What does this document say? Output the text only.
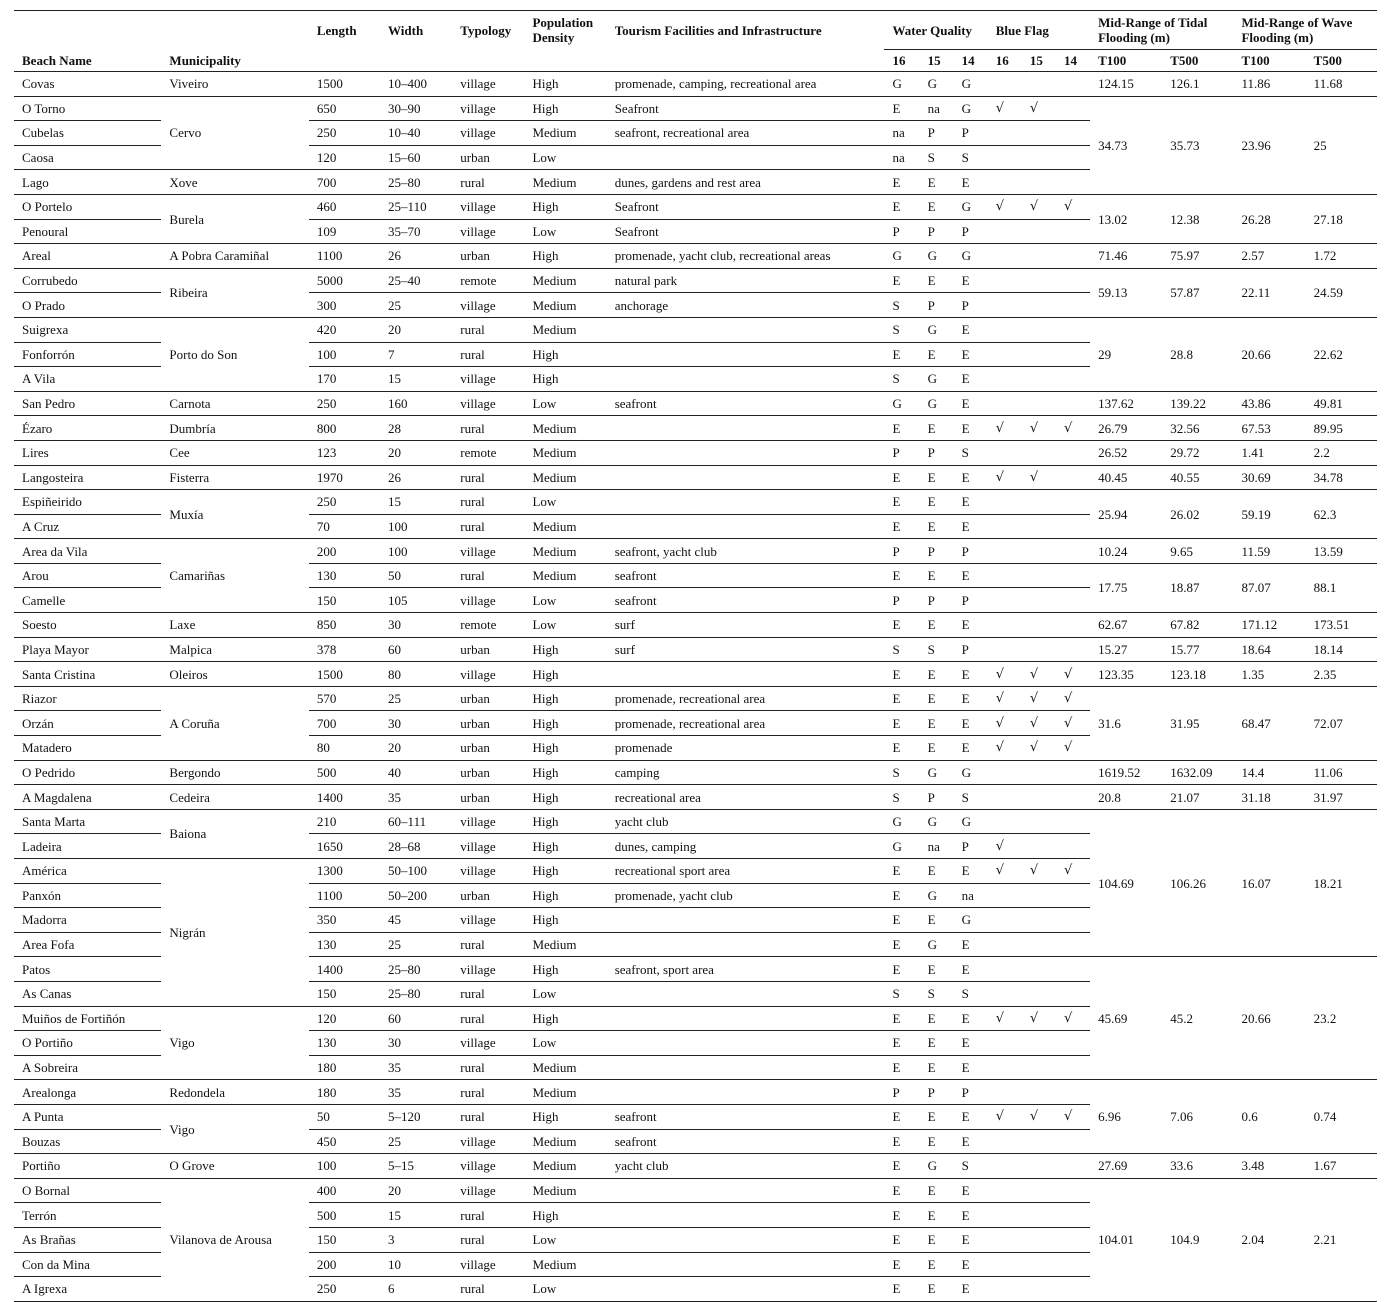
		Length	Width	Typology	Population Density	Tourism Facilities and Infrastructure	Water Quality			Blue Flag			Mid-Range of Tidal Flooding (m)		Mid-Range of Wave Flooding (m)	
Beach Name	Municipality						16	15	14	16	15	14	T100	T500	T100	T500
Covas	Viveiro	1500	10–400	village	High	promenade, camping, recreational area	G	G	G				124.15	126.1	11.86	11.68
O Torno	Cervo	650	30–90	village	High	Seafront	E	na	G	√	√		34.73	35.73	23.96	25
Cubelas		250	10–40	village	Medium	seafront, recreational area	na	P	P							
Caosa		120	15–60	urban	Low		na	S	S							
Lago	Xove	700	25–80	rural	Medium	dunes, gardens and rest area	E	E	E							
O Portelo	Burela	460	25–110	village	High	Seafront	E	E	G	√	√	√	13.02	12.38	26.28	27.18
Penoural		109	35–70	village	Low	Seafront	P	P	P							
Areal	A Pobra Caramiñal	1100	26	urban	High	promenade, yacht club, recreational areas	G	G	G				71.46	75.97	2.57	1.72
Corrubedo	Ribeira	5000	25–40	remote	Medium	natural park	E	E	E				59.13	57.87	22.11	24.59
O Prado		300	25	village	Medium	anchorage	S	P	P							
Suigrexa	Porto do Son	420	20	rural	Medium		S	G	E				29	28.8	20.66	22.62
Fonforrón		100	7	rural	High		E	E	E							
A Vila		170	15	village	High		S	G	E							
San Pedro	Carnota	250	160	village	Low	seafront	G	G	E				137.62	139.22	43.86	49.81
Ézaro	Dumbría	800	28	rural	Medium		E	E	E	√	√	√	26.79	32.56	67.53	89.95
Lires	Cee	123	20	remote	Medium		P	P	S				26.52	29.72	1.41	2.2
Langosteira	Fisterra	1970	26	rural	Medium		E	E	E	√	√		40.45	40.55	30.69	34.78
Espiñeirido	Muxía	250	15	rural	Low		E	E	E				25.94	26.02	59.19	62.3
A Cruz		70	100	rural	Medium		E	E	E							
Area da Vila	Camariñas	200	100	village	Medium	seafront, yacht club	P	P	P				10.24	9.65	11.59	13.59
Arou		130	50	rural	Medium	seafront	E	E	E				17.75	18.87	87.07	88.1
Camelle		150	105	village	Low	seafront	P	P	P							
Soesto	Laxe	850	30	remote	Low	surf	E	E	E				62.67	67.82	171.12	173.51
Playa Mayor	Malpica	378	60	urban	High	surf	S	S	P				15.27	15.77	18.64	18.14
Santa Cristina	Oleiros	1500	80	village	High		E	E	E	√	√	√	123.35	123.18	1.35	2.35
Riazor	A Coruña	570	25	urban	High	promenade, recreational area	E	E	E	√	√	√	31.6	31.95	68.47	72.07
Orzán		700	30	urban	High	promenade, recreational area	E	E	E	√	√	√				
Matadero		80	20	urban	High	promenade	E	E	E	√	√	√				
O Pedrido	Bergondo	500	40	urban	High	camping	S	G	G				1619.52	1632.09	14.4	11.06
A Magdalena	Cedeira	1400	35	urban	High	recreational area	S	P	S				20.8	21.07	31.18	31.97
Santa Marta	Baiona	210	60–111	village	High	yacht club	G	G	G				104.69	106.26	16.07	18.21
Ladeira		1650	28–68	village	High	dunes, camping	G	na	P	√						
América	Nigrán	1300	50–100	village	High	recreational sport area	E	E	E	√	√	√				
Panxón		1100	50–200	urban	High	promenade, yacht club	E	G	na							
Madorra		350	45	village	High		E	E	G							
Area Fofa		130	25	rural	Medium		E	G	E							
Patos		1400	25–80	village	High	seafront, sport area	E	E	E				45.69	45.2	20.66	23.2
As Canas		150	25–80	rural	Low		S	S	S							
Muiños de Fortiñón	Vigo	120	60	rural	High		E	E	E	√	√	√				
O Portiño		130	30	village	Low		E	E	E							
A Sobreira		180	35	rural	Medium		E	E	E							
Arealonga	Redondela	180	35	rural	Medium		P	P	P				6.96	7.06	0.6	0.74
A Punta	Vigo	50	5–120	rural	High	seafront	E	E	E	√	√	√				
Bouzas		450	25	village	Medium	seafront	E	E	E							
Portiño	O Grove	100	5–15	village	Medium	yacht club	E	G	S				27.69	33.6	3.48	1.67
O Bornal	Vilanova de Arousa	400	20	village	Medium		E	E	E				104.01	104.9	2.04	2.21
Terrón		500	15	rural	High		E	E	E							
As Brañas		150	3	rural	Low		E	E	E							
Con da Mina		200	10	village	Medium		E	E	E							
A Igrexa		250	6	rural	Low		E	E	E							
